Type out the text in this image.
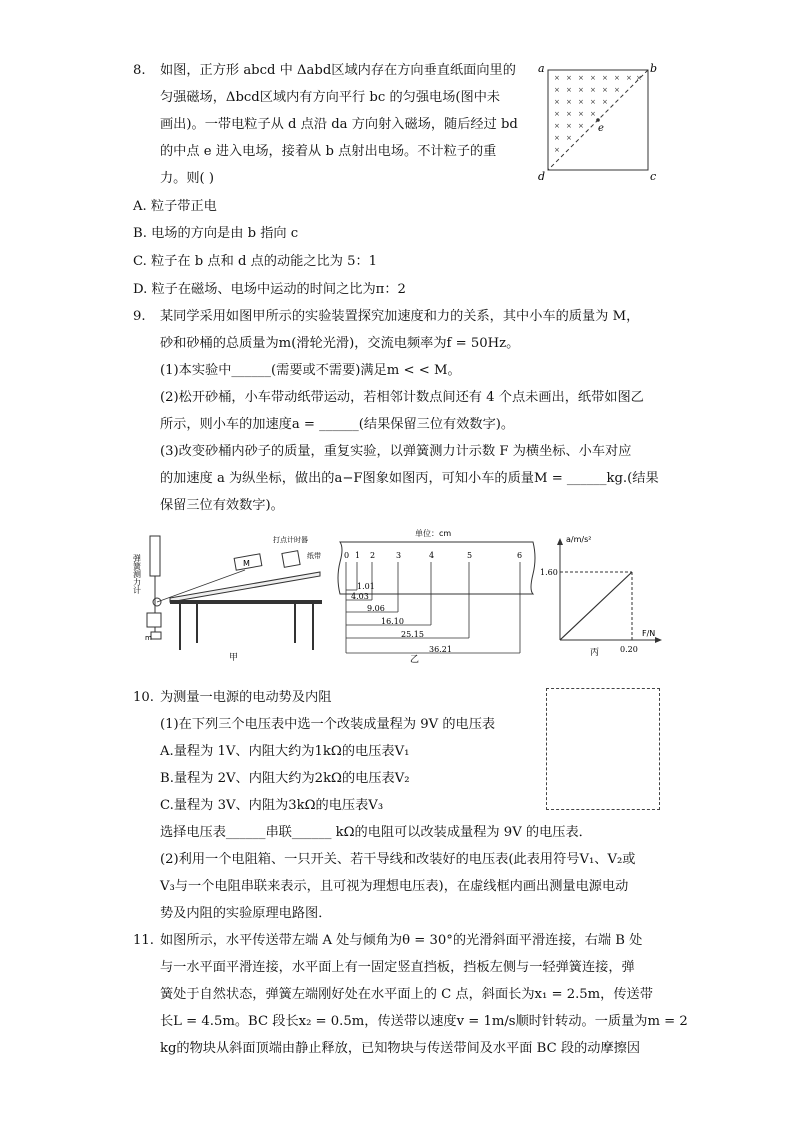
8. 如图，正方形 abcd 中 Δabd区域内存在方向垂直纸面向里的
匀强磁场，Δbcd区域内有方向平行 bc 的匀强电场(图中未
画出)。一带电粒子从 d 点沿 da 方向射入磁场，随后经过 bd
的中点 e 进入电场，接着从 b 点射出电场。不计粒子的重
力。则( )
A. 粒子带正电
B. 电场的方向是由 b 指向 c
C. 粒子在 b 点和 d 点的动能之比为 5：1
D. 粒子在磁场、电场中运动的时间之比为π：2
× × × × × × × ×
× × × × × ×
× × × × ×
× × × ×
× × ×
× ×
×
a	b
c
d
e
9. 某同学采用如图甲所示的实验装置探究加速度和力的关系，其中小车的质量为 M，
砂和砂桶的总质量为m(滑轮光滑)，交流电频率为f = 50Hz。
(1)本实验中______(需要或不需要)满足m < < M。
(2)松开砂桶，小车带动纸带运动，若相邻计数点间还有 4 个点未画出，纸带如图乙
所示，则小车的加速度a = ______(结果保留三位有效数字)。
(3)改变砂桶内砂子的质量，重复实验，以弹簧测力计示数 F 为横坐标、小车对应
的加速度 a 为纵坐标，做出的a−F图象如图丙，可知小车的质量M = ______kg.(结果
保留三位有效数字)。
弹簧测力计
m
M
打点计时器
纸带
甲
单位：cm
0 1 2	3	4	5	6
1.01
4.03
9.06
16.10
25.15
36.21
乙
a/m/s²
1.60
0.20
F/N
丙
10. 为测量一电源的电动势及内阻
(1)在下列三个电压表中选一个改装成量程为 9V 的电压表
A.量程为 1V、内阻大约为1kΩ的电压表V₁
B.量程为 2V、内阻大约为2kΩ的电压表V₂
C.量程为 3V、内阻为3kΩ的电压表V₃
选择电压表______串联______ kΩ的电阻可以改装成量程为 9V 的电压表．
(2)利用一个电阻箱、一只开关、若干导线和改装好的电压表(此表用符号V₁、V₂或
V₃与一个电阻串联来表示，且可视为理想电压表)，在虚线框内画出测量电源电动
势及内阻的实验原理电路图．
11. 如图所示，水平传送带左端 A 处与倾角为θ = 30°的光滑斜面平滑连接，右端 B 处
与一水平面平滑连接，水平面上有一固定竖直挡板，挡板左侧与一轻弹簧连接，弹
簧处于自然状态，弹簧左端刚好处在水平面上的 C 点，斜面长为x₁ = 2.5m，传送带
长L = 4.5m。BC 段长x₂ = 0.5m，传送带以速度v = 1m/s顺时针转动。一质量为m = 2
kg的物块从斜面顶端由静止释放，已知物块与传送带间及水平面 BC 段的动摩擦因
